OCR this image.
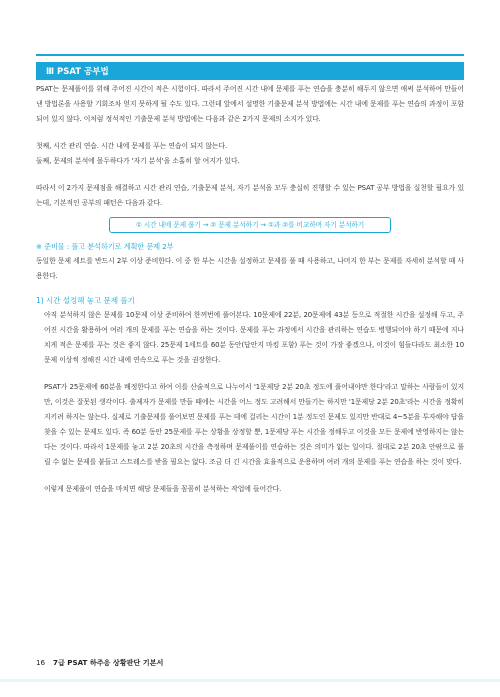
Ⅲ PSAT 공부법

PSAT는 문제풀이를 위해 주어진 시간이 적은 시험이다. 따라서 주어진 시간 내에 문제를 푸는 연습을 충분히 해두지 않으면 애써 분석하여 만들어낸 방법론을 사용할 기회조차 얻지 못하게 될 수도 있다. 그런데 앞에서 설명한 기출문제 분석 방법에는 시간 내에 문제를 푸는 연습의 과정이 포함되어 있지 않다. 이처럼 정석적인 기출문제 분석 방법에는 다음과 같은 2가지 문제의 소지가 있다.

첫째, 시간 관리 연습. 시간 내에 문제를 푸는 연습이 되지 않는다.

둘째, 문제의 분석에 몰두하다가 '자기 분석'을 소홀히 할 여지가 있다.

따라서 이 2가지 문제점을 해결하고 시간 관리 연습, 기출문제 분석, 자기 분석을 모두 충실히 진행할 수 있는 PSAT 공부 방법을 실천할 필요가 있는데, 기본적인 공부의 패턴은 다음과 같다.

① 시간 내에 문제 풀기 → ② 문제 분석하기 → ①과 ②를 비교하며 자기 분석하기

※ 준비물 : 풀고 분석하기로 계획한 문제 2부

동일한 문제 세트를 반드시 2부 이상 준비한다. 이 중 한 부는 시간을 설정하고 문제를 풀 때 사용하고, 나머지 한 부는 문제를 자세히 분석할 때 사용한다.

1) 시간 설정해 놓고 문제 풀기

아직 분석하지 않은 문제를 10문제 이상 준비하여 한꺼번에 풀어본다. 10문제에 22분, 20문제에 43분 등으로 적절한 시간을 설정해 두고, 주어진 시간을 활용하여 여러 개의 문제를 푸는 연습을 하는 것이다. 문제를 푸는 과정에서 시간을 관리하는 연습도 병행되어야 하기 때문에 지나치게 적은 문제를 푸는 것은 좋지 않다. 25문제 1세트를 60분 동안(답안지 마킹 포함) 푸는 것이 가장 좋겠으나, 이것이 힘들다라도 최소한 10문제 이상씩 정해진 시간 내에 연속으로 푸는 것을 권장한다.

PSAT가 25문제에 60분을 배정한다고 하여 이를 산술적으로 나누어서 '1문제당 2분 20초 정도에 풀어내야만 한다'라고 말하는 사람들이 있지만, 이것은 잘못된 생각이다. 출제자가 문제를 만들 때에는 시간을 어느 정도 고려해서 만들기는 하지만 '1문제당 2분 20초'라는 시간을 정확히 지키려 하지는 않는다. 실제로 기출문제를 풀어보면 문제를 푸는 데에 걸리는 시간이 1분 정도인 문제도 있지만 반대로 4~5분을 투자해야 답을 찾을 수 있는 문제도 있다. 즉 60분 동안 25문제를 푸는 상황을 상정할 뿐, 1문제당 푸는 시간을 정해두고 이것을 모든 문제에 반영하지는 않는다는 것이다. 따라서 1문제를 놓고 2분 20초의 시간을 측정하며 문제풀이를 연습하는 것은 의미가 없는 일이다. 절대로 2분 20초 안팎으로 풀릴 수 없는 문제를 붙들고 스트레스를 받을 필요는 없다. 조금 더 긴 시간을 효율적으로 운용하며 여러 개의 문제를 푸는 연습을 하는 것이 맞다.

이렇게 문제풀이 연습을 마치면 해당 문제들을 꼼꼼히 분석하는 작업에 들어간다.

16 7급 PSAT 하주응 상황판단 기본서
